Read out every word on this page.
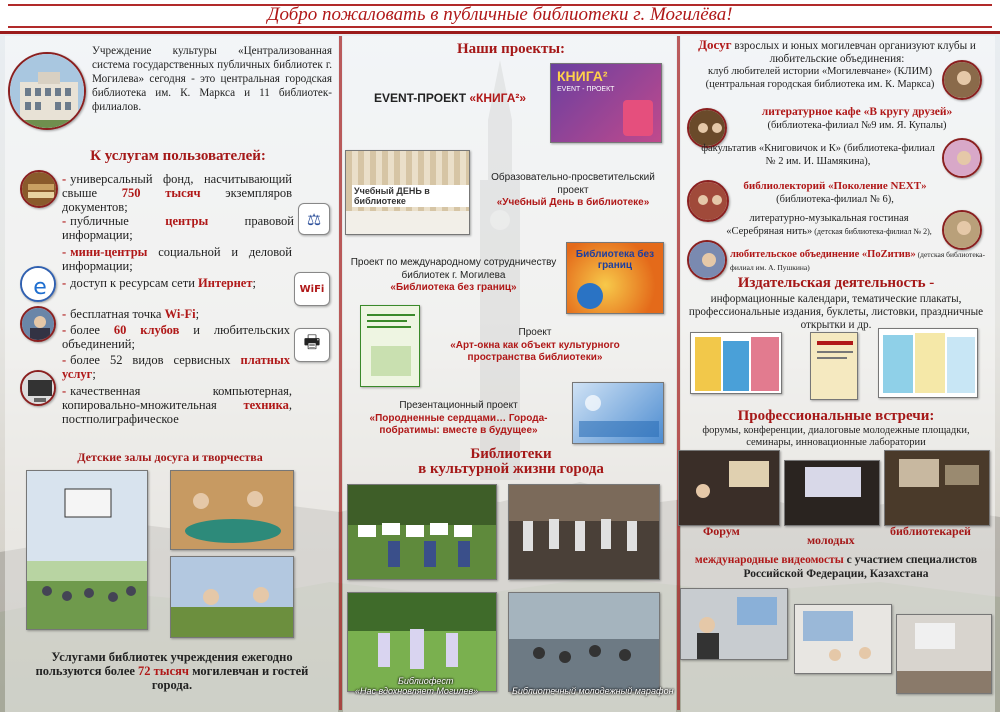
Добро пожаловать в публичные библиотеки г. Могилёва!
Учреждение культуры «Централизованная система государственных публичных библиотек г. Могилева» сегодня - это центральная городская библиотека им. К. Маркса и 11 библиотек-филиалов.
К услугам пользователей:
- универсальный фонд, насчитывающий свыше 750 тысяч экземпляров документов;
⚖
- публичные центры правовой информации;
- мини-центры социальной и деловой информации;
e - доступ к ресурсам сети Интернет;	WiFi
- бесплатная точка Wi-Fi;
- более 60 клубов и любительских объединений;	🖶
- более 52 видов сервисных платных услуг;
- качественная компьютерная, копировально-множительная техника, постполиграфическое
Детские залы досуга и творчества
Услугами библиотек учреждения ежегодно пользуются более 72 тысяч могилевчан и гостей города.
Наши проекты:
EVENT-ПРОЕКТ «КНИГА²»
КНИГА²
EVENT - ПРОЕКТ
Учебный ДЕНЬ в библиотеке
Образовательно-просветительский проект
«Учебный День в библиотеке»
Проект по международному сотрудничеству библиотек г. Могилева
«Библиотека без границ»
Библиотека без границ
Проект
«Арт-окна как объект культурного пространства библиотеки»
Презентационный проект
«Породненные сердцами… Города-побратимы: вместе в будущее»
Библиотеки
в культурной жизни города
Библиофест
«Нас вдохновляет Могилев»	Библиотечный молодежный марафон
Досуг взрослых и юных могилевчан организуют клубы и любительские объединения:
клуб любителей истории «Могилевчане» (КЛИМ) (центральная городская библиотека им. К. Маркса)
литературное кафе «В кругу друзей» (библиотека-филиал №9 им. Я. Купалы)
факультатив «Книговичок и К» (библиотека-филиал № 2 им. И. Шамякина),
библиолекторий «Поколение NEXT» (библиотека-филиал № 6),
литературно-музыкальная гостиная «Серебряная нить» (детская библиотека-филиал № 2),
любительское объединение «ПоZитив» (детская библиотека-филиал им. А. Пушкина)
Издательская деятельность -
информационные календари, тематические плакаты, профессиональные издания, буклеты, листовки, праздничные открытки и др.
Профессиональные встречи:
форумы, конференции, диалоговые молодежные площадки, семинары, инновационные лаборатории
Форум
молодых
библиотекарей
международные видеомосты с участием специалистов Российской Федерации, Казахстана
